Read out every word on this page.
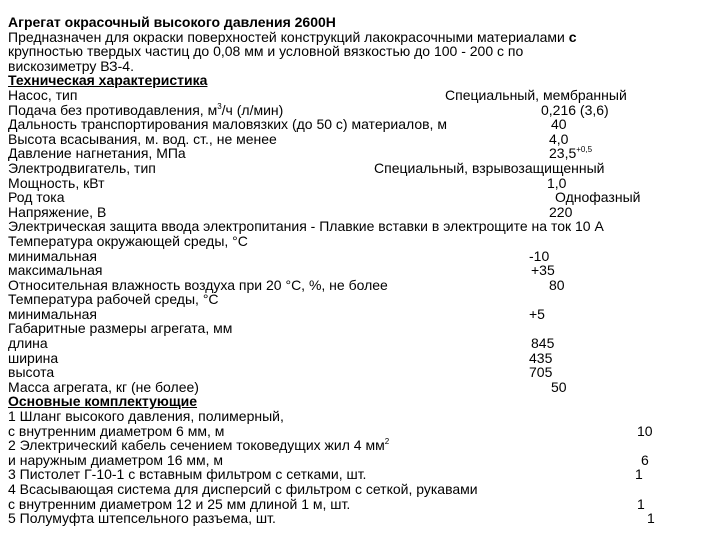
Агрегат окрасочный высокого давления 2600Н
Предназначен для окраски поверхностей конструкций лакокрасочными материалами с
крупностью твердых частиц до 0,08 мм и условной вязкостью до 100 - 200 с по
вискозиметру ВЗ-4.
Техническая характеристика
Насос, тип	Специальный, мембранный
Подача без противодавления, $м^3/ч$ (л/мин)	0,216 (3,6)
Дальность транспортирования маловязких (до 50 с) материалов, м	40
Высота всасывания, м. вод. ст., не менее	4,0
Давление нагнетания, МПа	$23,5^{+0,5}$
Электродвигатель, тип	Специальный, взрывозащищенный
Мощность, кВт	1,0
Род тока	Однофазный
Напряжение, В	220
Электрическая защита ввода электропитания - Плавкие вставки в электрощите на ток 10 А
Температура окружающей среды, °С
минимальная	-10
максимальная	+35
Относительная влажность воздуха при 20 °С, %, не более	80
Температура рабочей среды, °С
минимальная	+5
Габаритные размеры агрегата, мм
длина	845
ширина	435
высота	705
Масса агрегата, кг (не более)	50
Основные комплектующие
1 Шланг высокого давления, полимерный,
с внутренним диаметром 6 мм, м	10
2 Электрический кабель сечением токоведущих жил 4 $мм^2$
и наружным диаметром 16 мм, м	6
3 Пистолет Г-10-1 с вставным фильтром с сетками, шт.	1
4 Всасывающая система для дисперсий с фильтром с сеткой, рукавами
с внутренним диаметром 12 и 25 мм длиной 1 м, шт.	1
5 Полумуфта штепсельного разъема, шт.	1
